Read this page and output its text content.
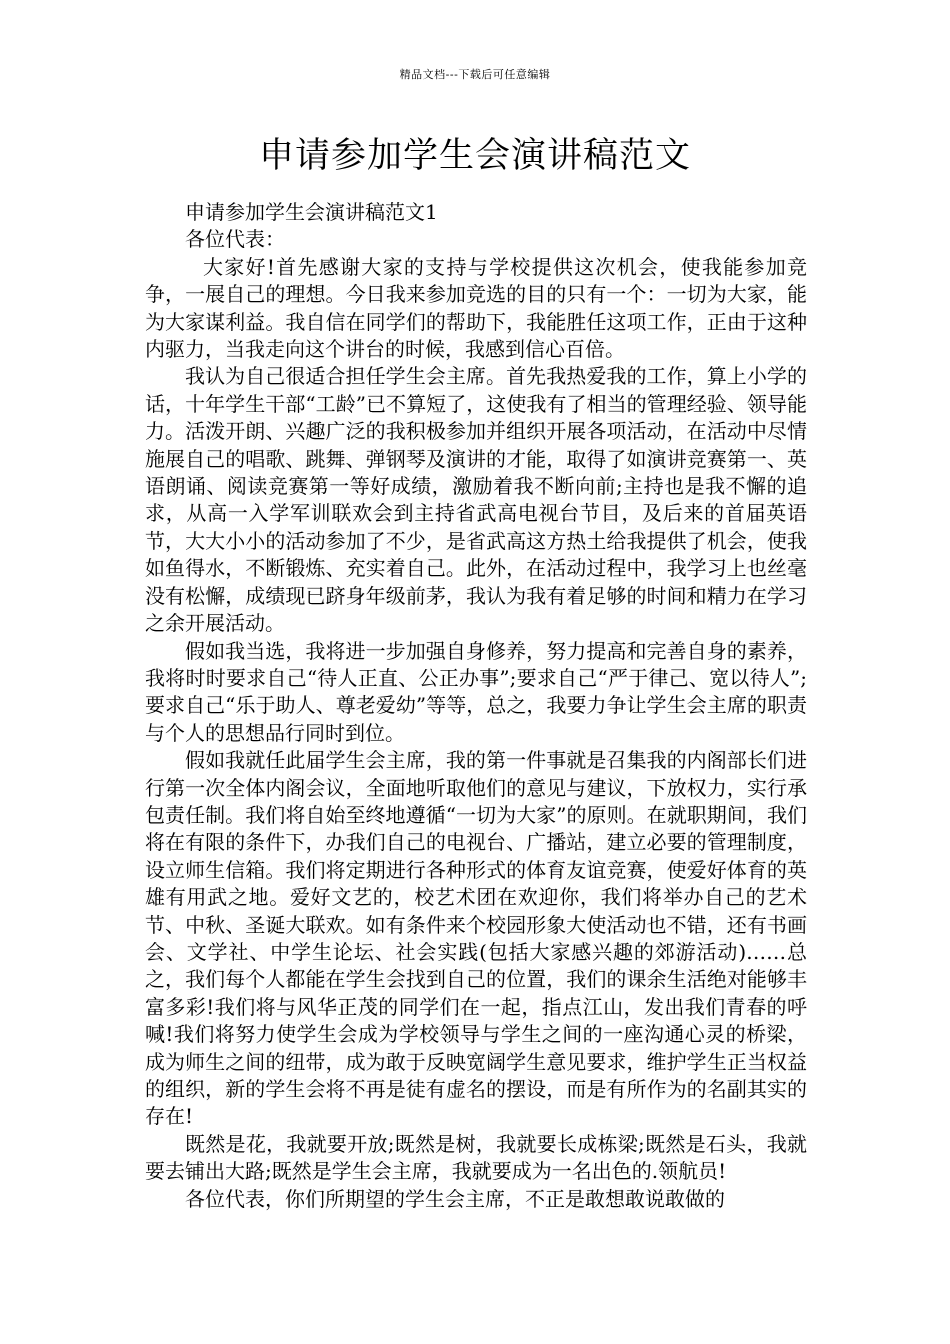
精品文档---下载后可任意编辑
申请参加学生会演讲稿范文

申请参加学生会演讲稿范文1

各位代表：

大家好!首先感谢大家的支持与学校提供这次机会，使我能参加竞争，一展自己的理想。今日我来参加竞选的目的只有一个：一切为大家，能为大家谋利益。我自信在同学们的帮助下，我能胜任这项工作，正由于这种内驱力，当我走向这个讲台的时候，我感到信心百倍。

我认为自己很适合担任学生会主席。首先我热爱我的工作，算上小学的话，十年学生干部“工龄”已不算短了，这使我有了相当的管理经验、领导能力。活泼开朗、兴趣广泛的我积极参加并组织开展各项活动，在活动中尽情施展自己的唱歌、跳舞、弹钢琴及演讲的才能，取得了如演讲竞赛第一、英语朗诵、阅读竞赛第一等好成绩，激励着我不断向前;主持也是我不懈的追求，从高一入学军训联欢会到主持省武高电视台节目，及后来的首届英语节，大大小小的活动参加了不少，是省武高这方热土给我提供了机会，使我如鱼得水，不断锻炼、充实着自己。此外，在活动过程中，我学习上也丝毫没有松懈，成绩现已跻身年级前茅，我认为我有着足够的时间和精力在学习之余开展活动。

假如我当选，我将进一步加强自身修养，努力提高和完善自身的素养，我将时时要求自己“待人正直、公正办事”;要求自己“严于律己、宽以待人”;要求自己“乐于助人、尊老爱幼”等等，总之，我要力争让学生会主席的职责与个人的思想品行同时到位。

假如我就任此届学生会主席，我的第一件事就是召集我的内阁部长们进行第一次全体内阁会议，全面地听取他们的意见与建议，下放权力，实行承包责任制。我们将自始至终地遵循“一切为大家”的原则。在就职期间，我们将在有限的条件下，办我们自己的电视台、广播站，建立必要的管理制度，设立师生信箱。我们将定期进行各种形式的体育友谊竞赛，使爱好体育的英雄有用武之地。爱好文艺的，校艺术团在欢迎你，我们将举办自己的艺术节、中秋、圣诞大联欢。如有条件来个校园形象大使活动也不错，还有书画会、文学社、中学生论坛、社会实践(包括大家感兴趣的郊游活动)……总之，我们每个人都能在学生会找到自己的位置，我们的课余生活绝对能够丰富多彩!我们将与风华正茂的同学们在一起，指点江山，发出我们青春的呼喊!我们将努力使学生会成为学校领导与学生之间的一座沟通心灵的桥梁，成为师生之间的纽带，成为敢于反映宽阔学生意见要求，维护学生正当权益的组织，新的学生会将不再是徒有虚名的摆设，而是有所作为的名副其实的存在!

既然是花，我就要开放;既然是树，我就要长成栋梁;既然是石头，我就要去铺出大路;既然是学生会主席，我就要成为一名出色的.领航员!

各位代表，你们所期望的学生会主席，不正是敢想敢说敢做的
